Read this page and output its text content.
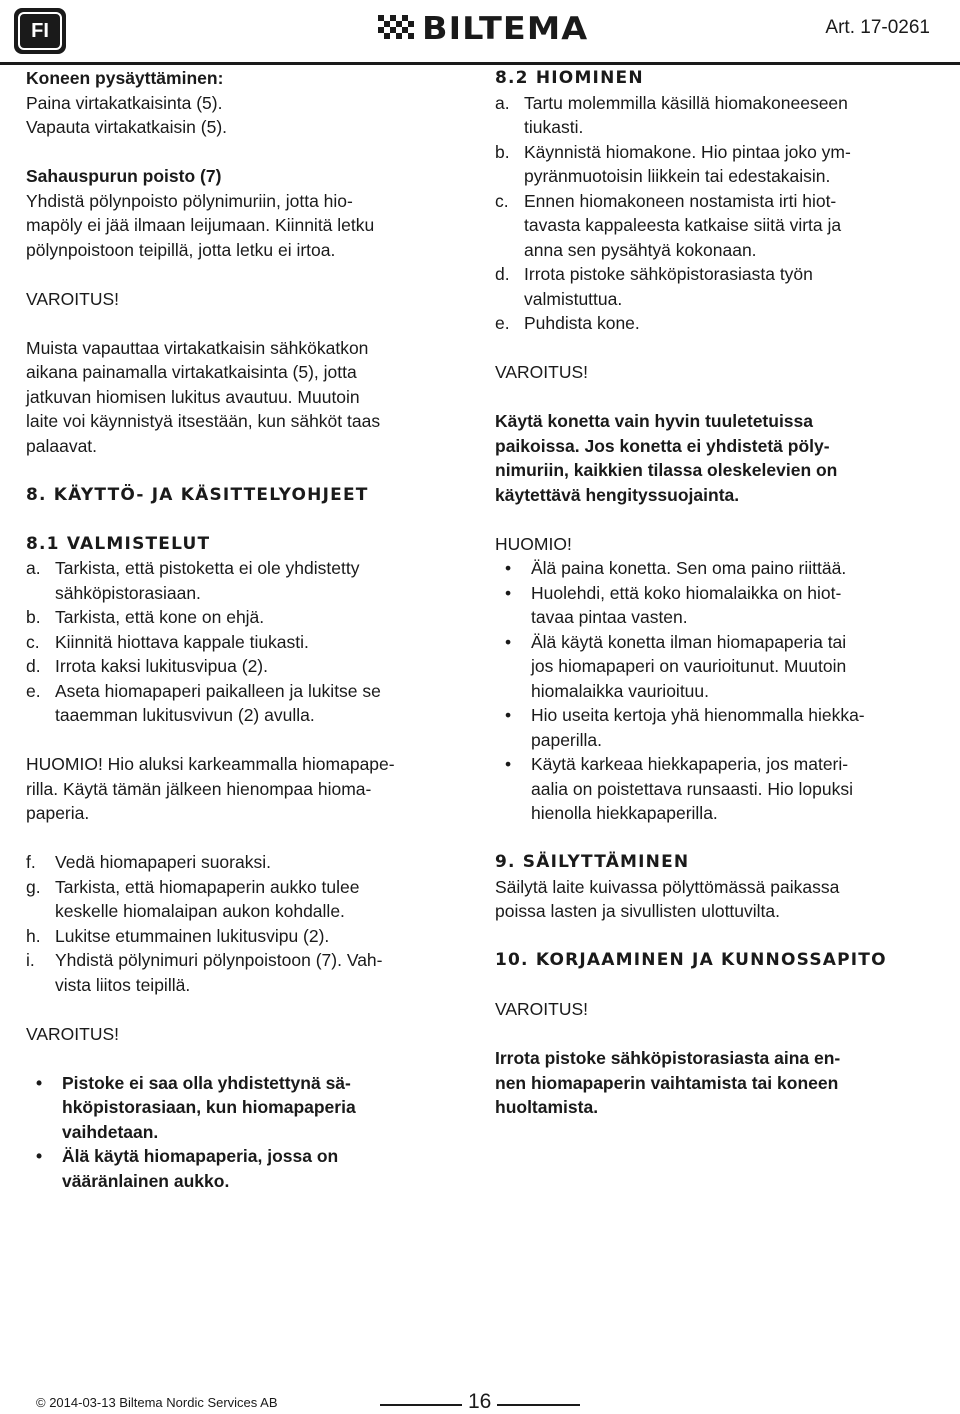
FI	BILTEMA	Art. 17-0261

Koneen pysäyttäminen:

Paina virtakatkaisinta (5).

Vapauta virtakatkaisin (5).

Sahauspurun poisto (7)

Yhdistä pölynpoisto pölynimuriin, jotta hio-

mapöly ei jää ilmaan leijumaan. Kiinnitä letku

pölynpoistoon teipillä, jotta letku ei irtoa.

VAROITUS!

Muista vapauttaa virtakatkaisin sähkökatkon

aikana painamalla virtakatkaisinta (5), jotta

jatkuvan hiomisen lukitus avautuu. Muutoin

laite voi käynnistyä itsestään, kun sähköt taas

palaavat.

8. KÄYTTÖ- JA KÄSITTELYOHJEET

8.1 VALMISTELUT

a. Tarkista, että pistoketta ei ole yhdistetty
sähköpistorasiaan.
b. Tarkista, että kone on ehjä.
c. Kiinnitä hiottava kappale tiukasti.
d. Irrota kaksi lukitusvipua (2).
e. Aseta hiomapaperi paikalleen ja lukitse se
taaemman lukitusvivun (2) avulla.

HUOMIO! Hio aluksi karkeammalla hiomapape-

rilla. Käytä tämän jälkeen hienompaa hioma-

paperia.

f.	Vedä hiomapaperi suoraksi.
g. Tarkista, että hiomapaperin aukko tulee
keskelle hiomalaipan aukon kohdalle.
h. Lukitse etummainen lukitusvipu (2).
i.	Yhdistä pölynimuri pölynpoistoon (7). Vah-
vista liitos teipillä.

VAROITUS!

•	Pistoke ei saa olla yhdistettynä sä-
hköpistorasiaan, kun hiomapaperia
vaihdetaan.
•	Älä käytä hiomapaperia, jossa on
vääränlainen aukko.

8.2 HIOMINEN

a. Tartu molemmilla käsillä hiomakoneeseen
tiukasti.
b. Käynnistä hiomakone. Hio pintaa joko ym-
pyränmuotoisin liikkein tai edestakaisin.
c. Ennen hiomakoneen nostamista irti hiot-
tavasta kappaleesta katkaise siitä virta ja
anna sen pysähtyä kokonaan.
d. Irrota pistoke sähköpistorasiasta työn
valmistuttua.
e. Puhdista kone.

VAROITUS!

Käytä konetta vain hyvin tuuletetuissa

paikoissa. Jos konetta ei yhdistetä pöly-

nimuriin, kaikkien tilassa oleskelevien on

käytettävä hengityssuojainta.

HUOMIO!

•	Älä paina konetta. Sen oma paino riittää.
•	Huolehdi, että koko hiomalaikka on hiot-
tavaa pintaa vasten.
•	Älä käytä konetta ilman hiomapaperia tai
jos hiomapaperi on vaurioitunut. Muutoin
hiomalaikka vaurioituu.
•	Hio useita kertoja yhä hienommalla hiekka-
paperilla.
•	Käytä karkeaa hiekkapaperia, jos materi-
aalia on poistettava runsaasti. Hio lopuksi
hienolla hiekkapaperilla.

9. SÄILYTTÄMINEN

Säilytä laite kuivassa pölyttömässä paikassa

poissa lasten ja sivullisten ulottuvilta.

10. KORJAAMINEN JA KUNNOSSAPITO

VAROITUS!

Irrota pistoke sähköpistorasiasta aina en-

nen hiomapaperin vaihtamista tai koneen

huoltamista.

© 2014-03-13 Biltema Nordic Services AB	16
